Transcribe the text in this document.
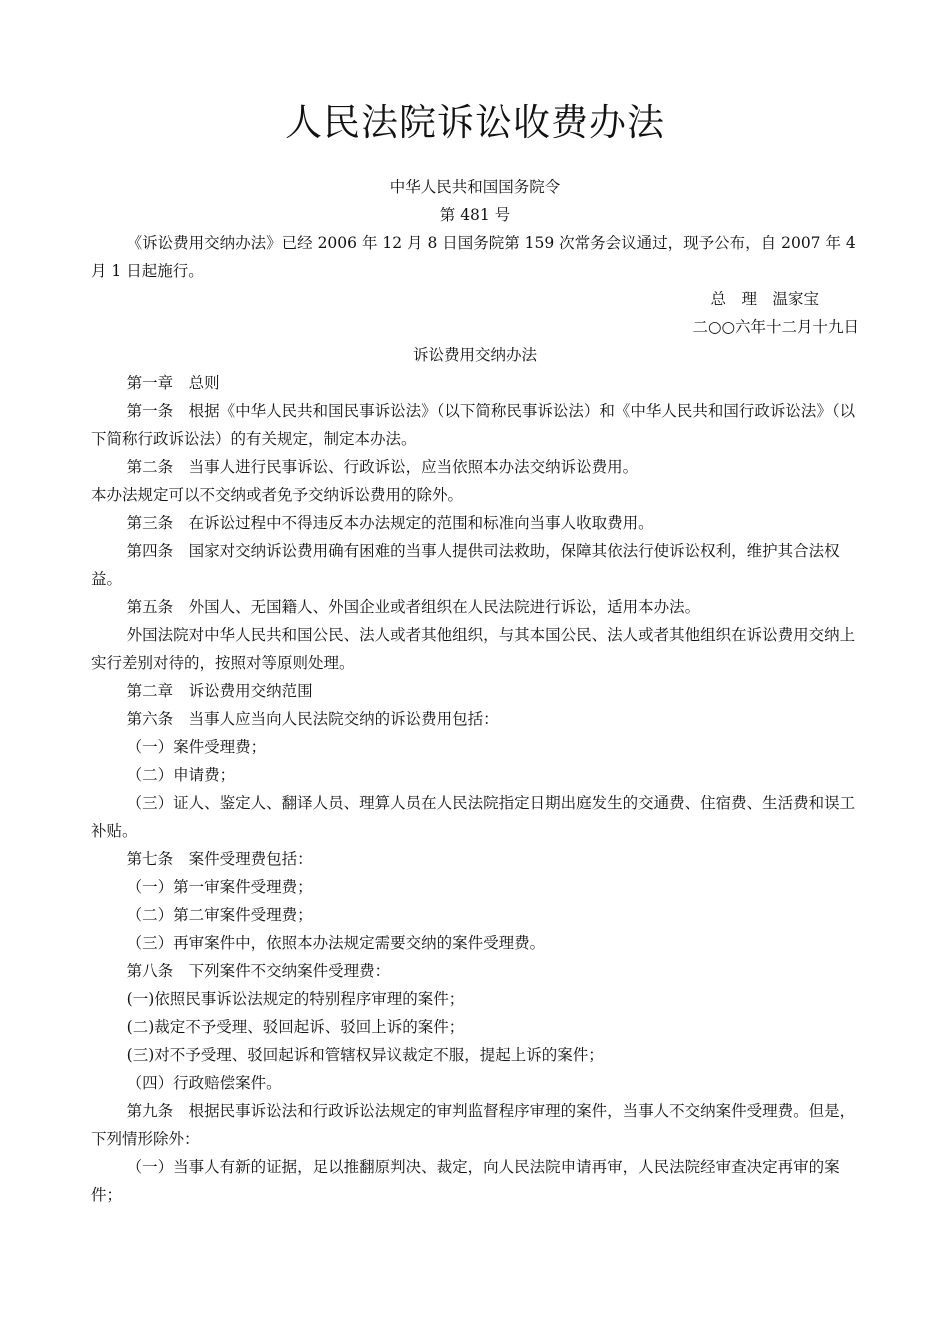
人民法院诉讼收费办法

中华人民共和国国务院令

第 481 号

《诉讼费用交纳办法》已经 2006 年 12 月 8 日国务院第 159 次常务会议通过，现予公布，自 2007 年 4 月 1 日起施行。

总　理　温家宝

二○○六年十二月十九日

诉讼费用交纳办法

第一章　总则

第一条　根据《中华人民共和国民事诉讼法》（以下简称民事诉讼法）和《中华人民共和国行政诉讼法》（以下简称行政诉讼法）的有关规定，制定本办法。

第二条　当事人进行民事诉讼、行政诉讼，应当依照本办法交纳诉讼费用。

本办法规定可以不交纳或者免予交纳诉讼费用的除外。

第三条　在诉讼过程中不得违反本办法规定的范围和标准向当事人收取费用。

第四条　国家对交纳诉讼费用确有困难的当事人提供司法救助，保障其依法行使诉讼权利，维护其合法权益。

第五条　外国人、无国籍人、外国企业或者组织在人民法院进行诉讼，适用本办法。

外国法院对中华人民共和国公民、法人或者其他组织，与其本国公民、法人或者其他组织在诉讼费用交纳上实行差别对待的，按照对等原则处理。

第二章　诉讼费用交纳范围

第六条　当事人应当向人民法院交纳的诉讼费用包括：

（一）案件受理费；

（二）申请费；

（三）证人、鉴定人、翻译人员、理算人员在人民法院指定日期出庭发生的交通费、住宿费、生活费和误工补贴。

第七条　案件受理费包括：

（一）第一审案件受理费；

（二）第二审案件受理费；

（三）再审案件中，依照本办法规定需要交纳的案件受理费。

第八条　下列案件不交纳案件受理费：

(一)依照民事诉讼法规定的特别程序审理的案件；

(二)裁定不予受理、驳回起诉、驳回上诉的案件；

(三)对不予受理、驳回起诉和管辖权异议裁定不服，提起上诉的案件；

（四）行政赔偿案件。

第九条　根据民事诉讼法和行政诉讼法规定的审判监督程序审理的案件，当事人不交纳案件受理费。但是，下列情形除外：

（一）当事人有新的证据，足以推翻原判决、裁定，向人民法院申请再审，人民法院经审查决定再审的案件；
